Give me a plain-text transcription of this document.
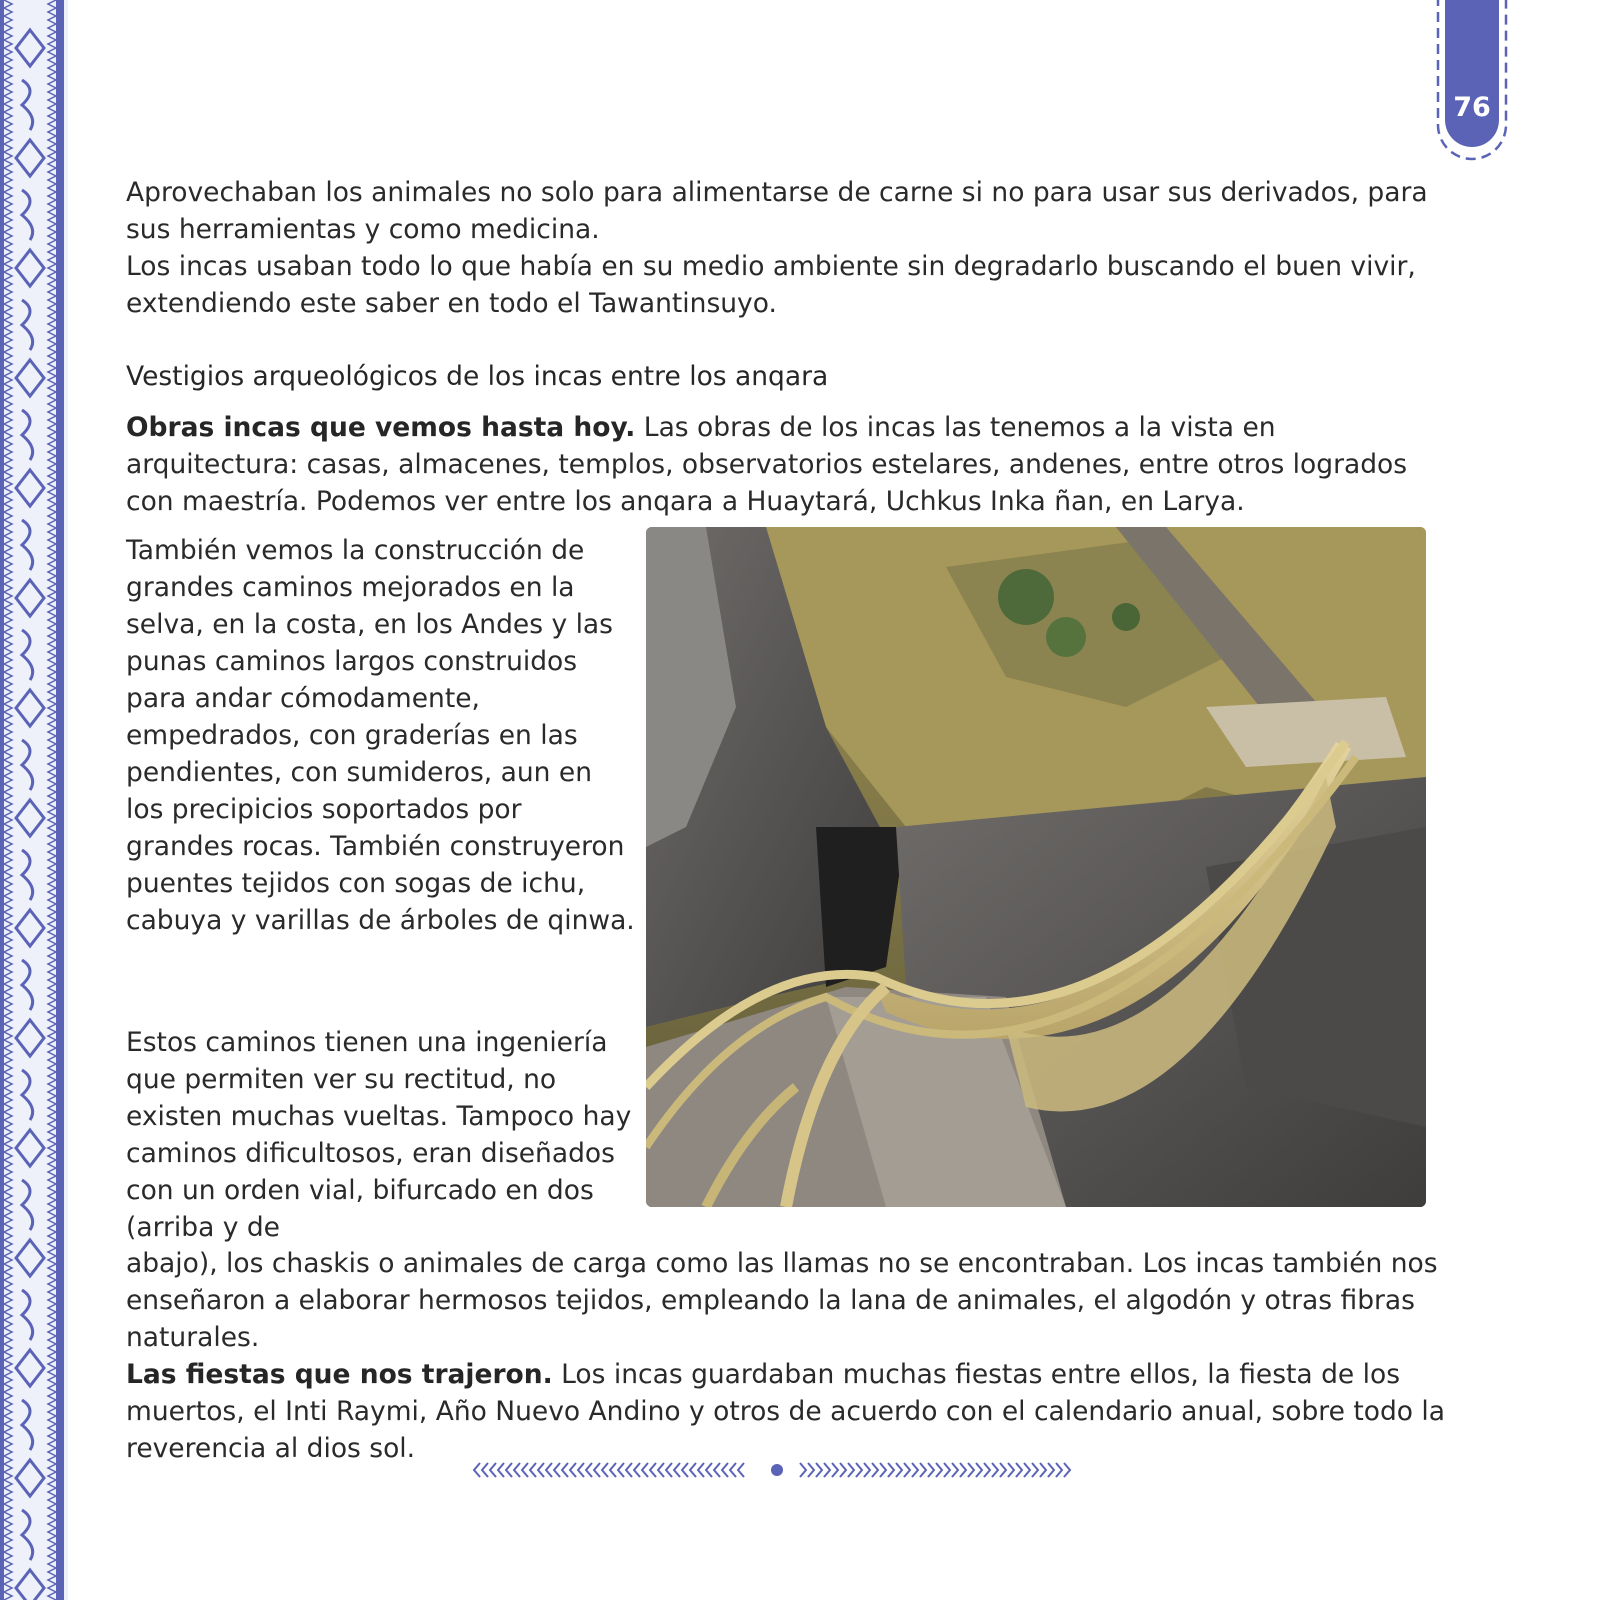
76
Aprovechaban los animales no solo para alimentarse de carne si no para usar sus derivados, para sus herramientas y como medicina.
Los incas usaban todo lo que había en su medio ambiente sin degradarlo buscando el buen vivir, extendiendo este saber en todo el Tawantinsuyo.
Vestigios arqueológicos de los incas entre los anqara

Obras incas que vemos hasta hoy. Las obras de los incas las tenemos a la vista en arquitectura: casas, almacenes, templos, observatorios estelares, andenes, entre otros logrados con maestría. Podemos ver entre los anqara a Huaytará, Uchkus Inka ñan, en Larya.

También vemos la construcción de grandes caminos mejorados en la selva, en la costa, en los Andes y las punas caminos largos construidos para andar cómodamente, empedrados, con graderías en las pendientes, con sumideros, aun en los precipicios soportados por grandes rocas. También construyeron puentes tejidos con sogas de ichu, cabuya y varillas de árboles de qinwa.

Estos caminos tienen una ingeniería que permiten ver su rectitud, no existen muchas vueltas. Tampoco hay caminos dificultosos, eran diseñados con un orden vial, bifurcado en dos (arriba y de

abajo), los chaskis o animales de carga como las llamas no se encontraban. Los incas también nos enseñaron a elaborar hermosos tejidos, empleando la lana de animales, el algodón y otras fibras naturales.

Las fiestas que nos trajeron. Los incas guardaban muchas fiestas entre ellos, la fiesta de los muertos, el Inti Raymi, Año Nuevo Andino y otros de acuerdo con el calendario anual, sobre todo la reverencia al dios sol.
